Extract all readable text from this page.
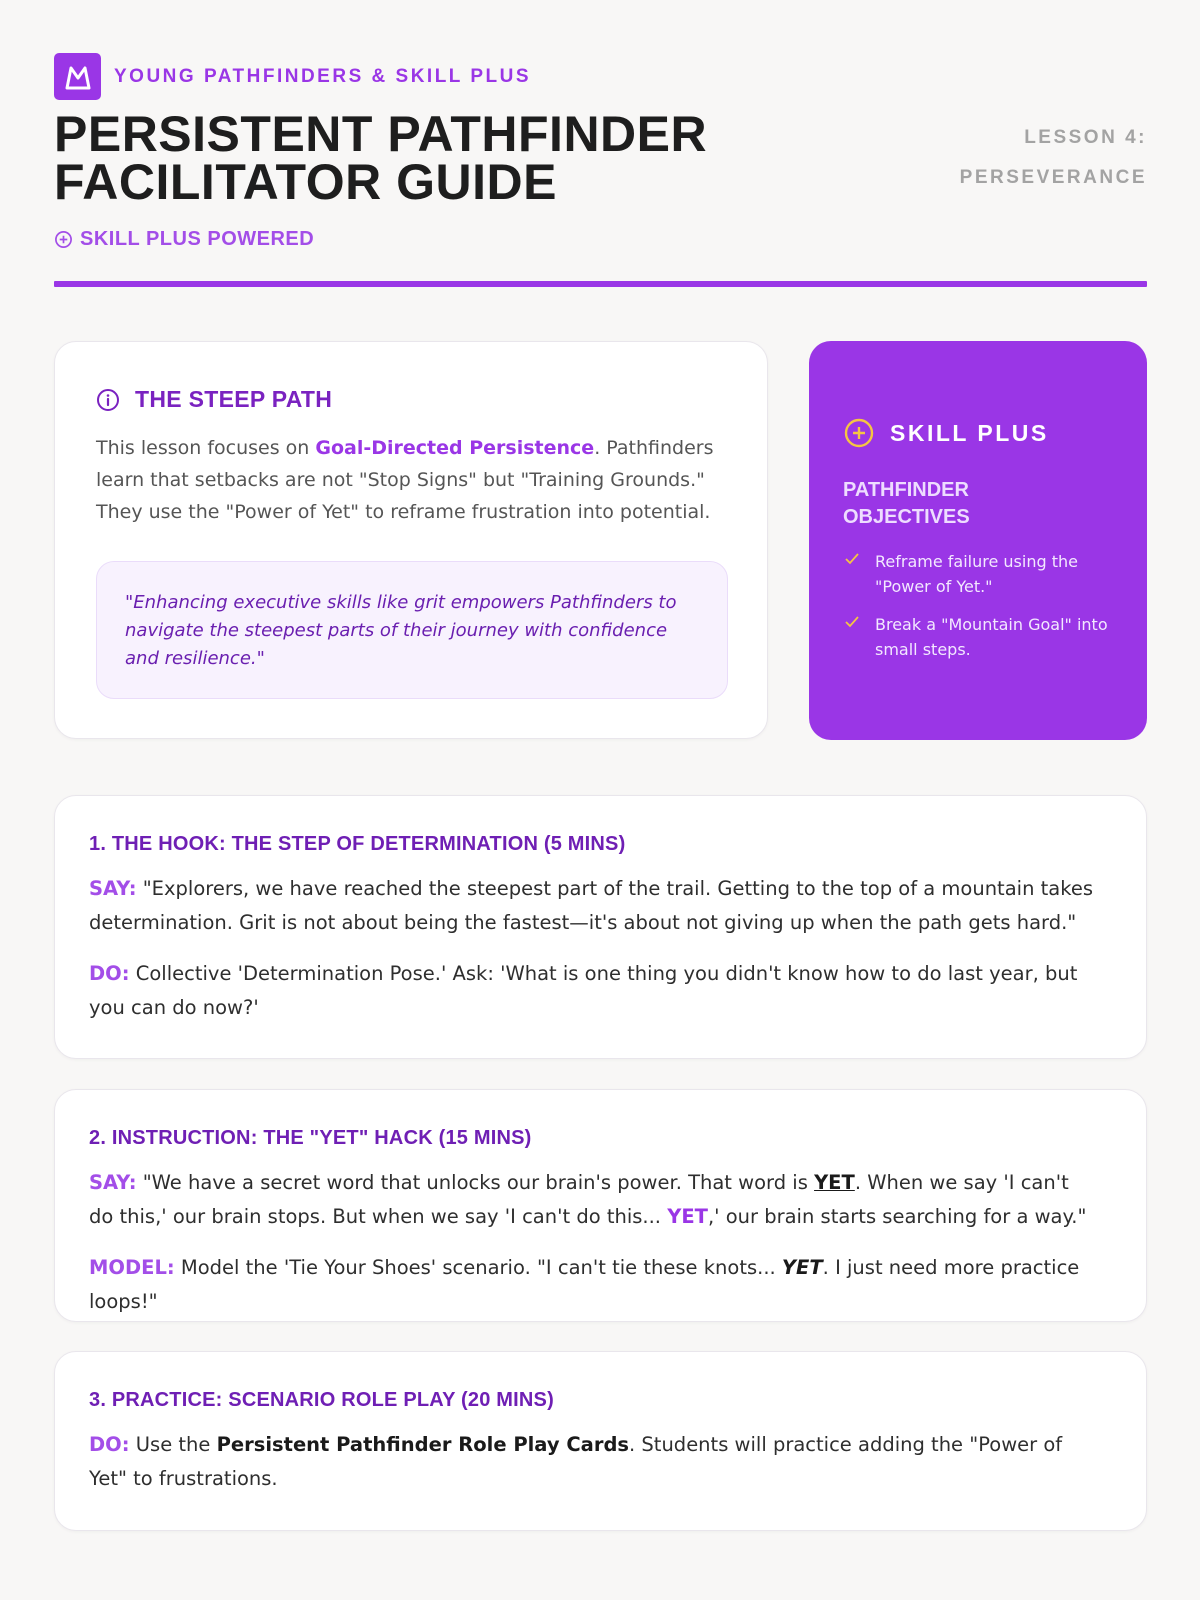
YOUNG PATHFINDERS & SKILL PLUS
PERSISTENT PATHFINDER
FACILITATOR GUIDE
SKILL PLUS POWERED
LESSON 4:
PERSEVERANCE
THE STEEP PATH

This lesson focuses on Goal-Directed Persistence. Pathfinders learn that setbacks are not "Stop Signs" but "Training Grounds." They use the "Power of Yet" to reframe frustration into potential.

"Enhancing executive skills like grit empowers Pathfinders to navigate the steepest parts of their journey with confidence and resilience."
SKILL PLUS
PATHFINDER OBJECTIVES
Reframe failure using the "Power of Yet."
Break a "Mountain Goal" into small steps.
1. THE HOOK: THE STEP OF DETERMINATION (5 MINS)

SAY: "Explorers, we have reached the steepest part of the trail. Getting to the top of a mountain takes determination. Grit is not about being the fastest—it's about not giving up when the path gets hard."

DO: Collective 'Determination Pose.' Ask: 'What is one thing you didn't know how to do last year, but you can do now?'

2. INSTRUCTION: THE "YET" HACK (15 MINS)

SAY: "We have a secret word that unlocks our brain's power. That word is YET. When we say 'I can't do this,' our brain stops. But when we say 'I can't do this... YET,' our brain starts searching for a way."

MODEL: Model the 'Tie Your Shoes' scenario. "I can't tie these knots... YET. I just need more practice loops!"

3. PRACTICE: SCENARIO ROLE PLAY (20 MINS)

DO: Use the Persistent Pathfinder Role Play Cards. Students will practice adding the "Power of Yet" to frustrations.
